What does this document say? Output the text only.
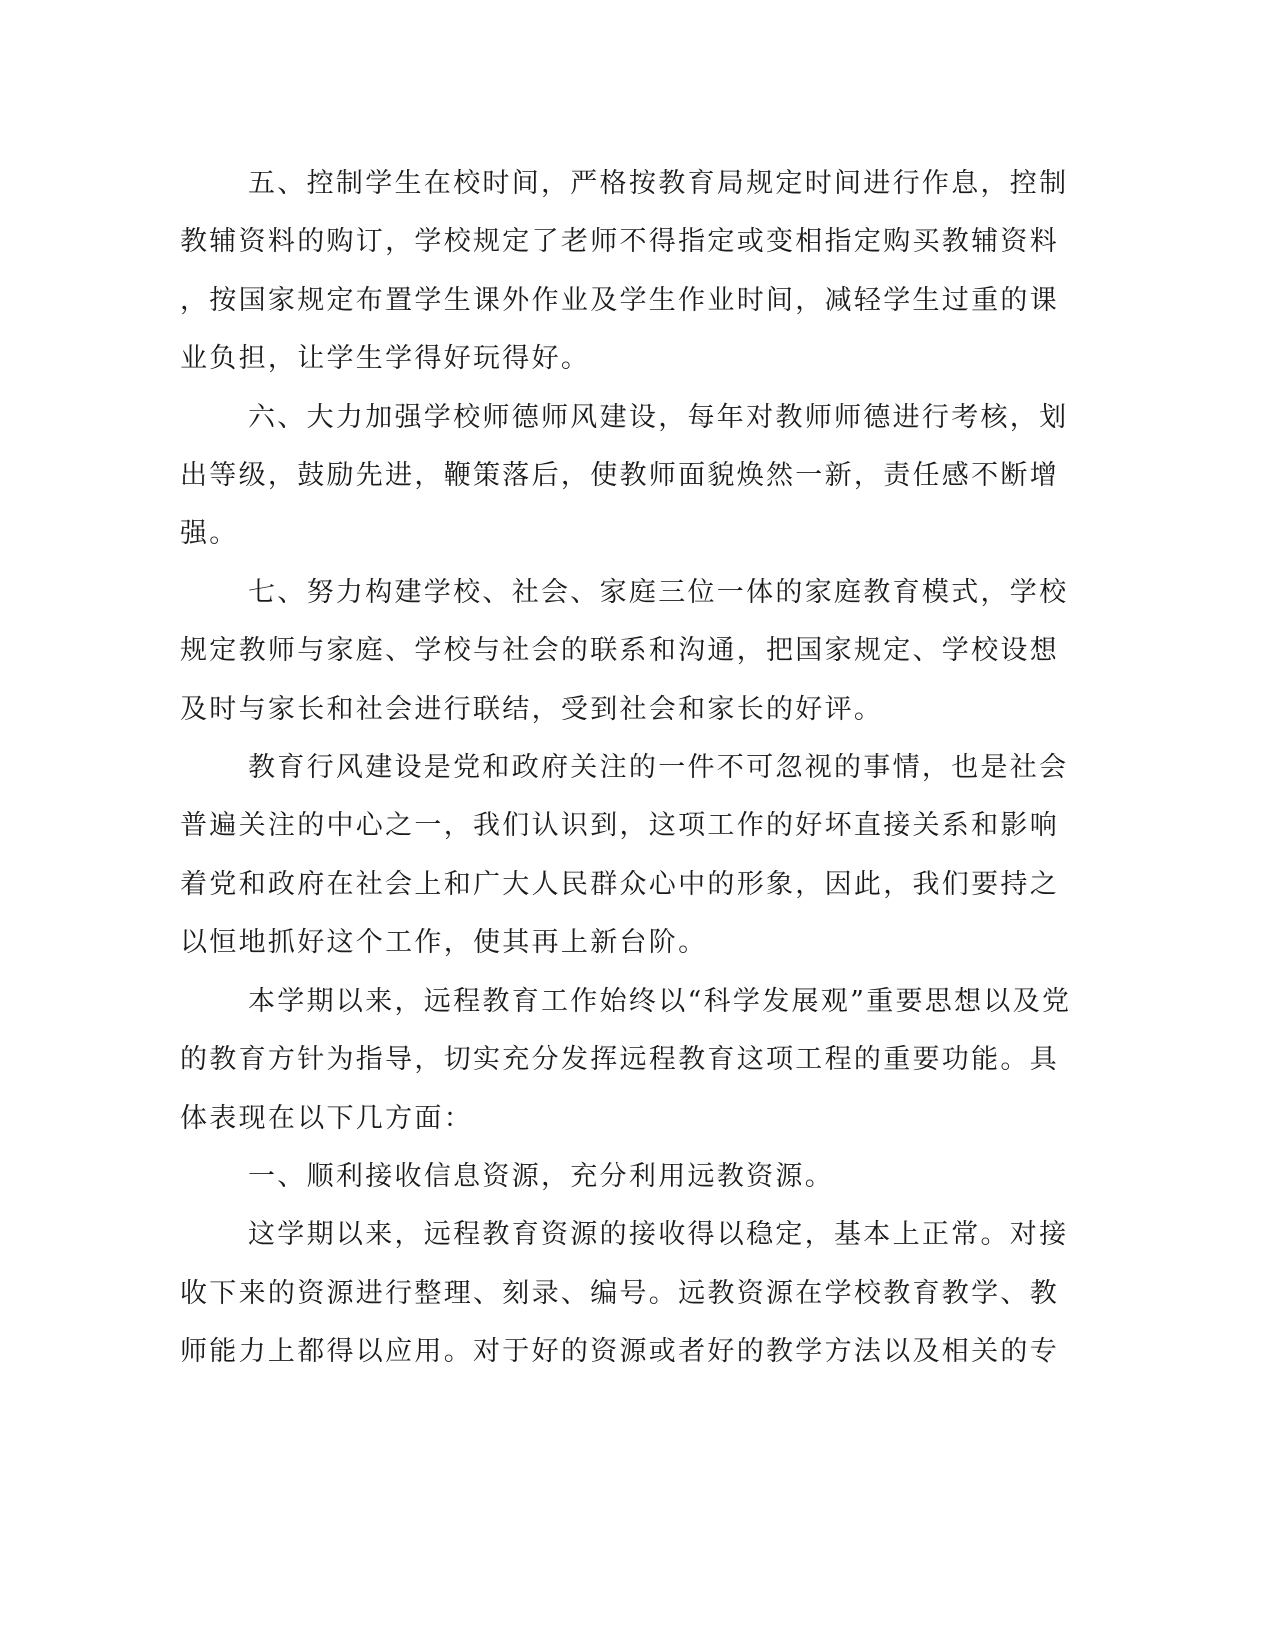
五、控制学生在校时间，严格按教育局规定时间进行作息，控制
教辅资料的购订，学校规定了老师不得指定或变相指定购买教辅资料
，按国家规定布置学生课外作业及学生作业时间，减轻学生过重的课
业负担，让学生学得好玩得好。
六、大力加强学校师德师风建设，每年对教师师德进行考核，划
出等级，鼓励先进，鞭策落后，使教师面貌焕然一新，责任感不断增
强。
七、努力构建学校、社会、家庭三位一体的家庭教育模式，学校
规定教师与家庭、学校与社会的联系和沟通，把国家规定、学校设想
及时与家长和社会进行联结，受到社会和家长的好评。
教育行风建设是党和政府关注的一件不可忽视的事情，也是社会
普遍关注的中心之一，我们认识到，这项工作的好坏直接关系和影响
着党和政府在社会上和广大人民群众心中的形象，因此，我们要持之
以恒地抓好这个工作，使其再上新台阶。
本学期以来，远程教育工作始终以“科学发展观”重要思想以及党
的教育方针为指导，切实充分发挥远程教育这项工程的重要功能。具
体表现在以下几方面：
一、顺利接收信息资源，充分利用远教资源。
这学期以来，远程教育资源的接收得以稳定，基本上正常。对接
收下来的资源进行整理、刻录、编号。远教资源在学校教育教学、教
师能力上都得以应用。对于好的资源或者好的教学方法以及相关的专
